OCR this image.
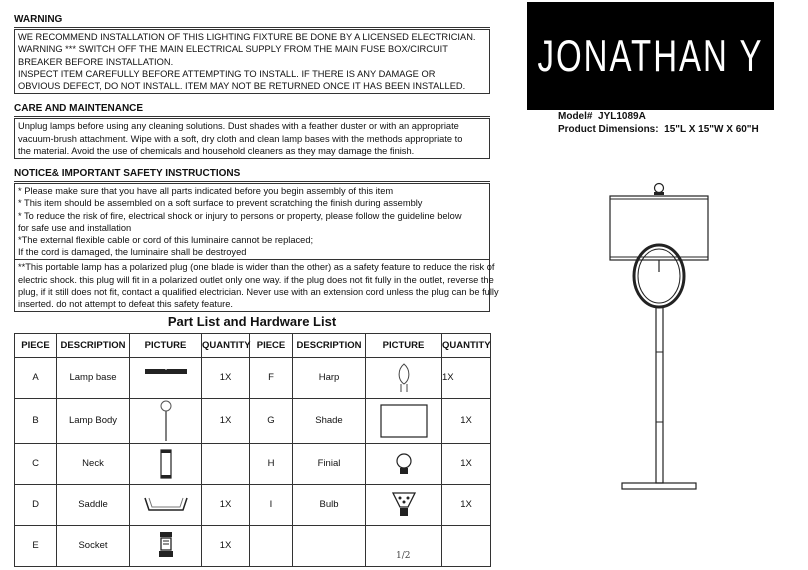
WARNING
WE RECOMMEND INSTALLATION OF THIS LIGHTING FIXTURE BE DONE BY A LICENSED ELECTRICIAN.
WARNING *** SWITCH OFF THE MAIN ELECTRICAL SUPPLY FROM THE MAIN FUSE BOX/CIRCUIT
BREAKER BEFORE INSTALLATION.
INSPECT ITEM CAREFULLY BEFORE ATTEMPTING TO INSTALL. IF THERE IS ANY DAMAGE OR
OBVIOUS DEFECT, DO NOT INSTALL. ITEM MAY NOT BE RETURNED ONCE IT HAS BEEN INSTALLED.
CARE AND MAINTENANCE
Unplug lamps before using any cleaning solutions. Dust shades with a feather duster or with an appropriate
vacuum-brush attachment. Wipe with a soft, dry cloth and clean lamp bases with the methods appropriate to
the material. Avoid the use of chemicals and household cleaners as they may damage the finish.
NOTICE& IMPORTANT SAFETY INSTRUCTIONS
* Please make sure that you have all parts indicated before you begin assembly of this item
* This item should be assembled on a soft surface to prevent scratching the finish during assembly
* To reduce the risk of fire, electrical shock or injury to persons or property, please follow the guideline below
for safe use and installation
*The external flexible cable or cord of this luminaire cannot be replaced;
If the cord is damaged, the luminaire shall be destroyed
**This portable lamp has a polarized plug (one blade is wider than the other) as a safety feature to reduce the risk of
electric shock. this plug will fit in a polarized outlet only one way. if the plug does not fit fully in the outlet, reverse the
plug, if it still does not fit, contact a qualified electrician. Never use with an extension cord unless the plug can be fully
inserted. do not attempt to defeat this safety feature.
Part List and Hardware List
PIECE	DESCRIPTION	PICTURE	QUANTITY	PIECE	DESCRIPTION	PICTURE	QUANTITY
A	Lamp base		1X	F	Harp		1X
B	Lamp Body		1X	G	Shade		1X
C	Neck			H	Finial		1X
D	Saddle		1X	I	Bulb		1X
E	Socket		1X				
JONATHAN Y
Model# JYL1089A
Product Dimensions: 15"L X 15"W X 60"H
1/2
